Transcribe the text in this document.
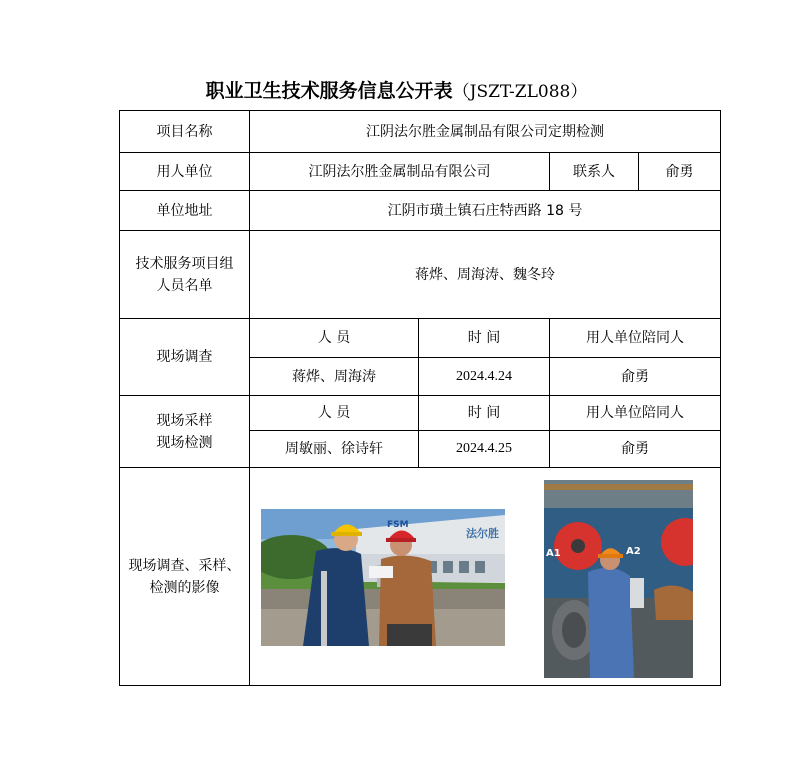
职业卫生技术服务信息公开表（JSZT-ZL088）
项目名称	江阴法尔胜金属制品有限公司定期检测			
用人单位	江阴法尔胜金属制品有限公司		联系人	俞勇
单位地址	江阴市璜土镇石庄特西路 18 号			

技术服务项目组
人员名单	蒋烨、周海涛、魏冬玲			
现场调查	人 员	时 间	用人单位陪同人	
	蒋烨、周海涛	2024.4.24	俞勇	

现场采样
现场检测	人 员	时 间	用人单位陪同人	
	周敏丽、徐诗轩	2024.4.25	俞勇	

现场调查、采样、
检测的影像				

FSM
法尔胜
A1	A2
